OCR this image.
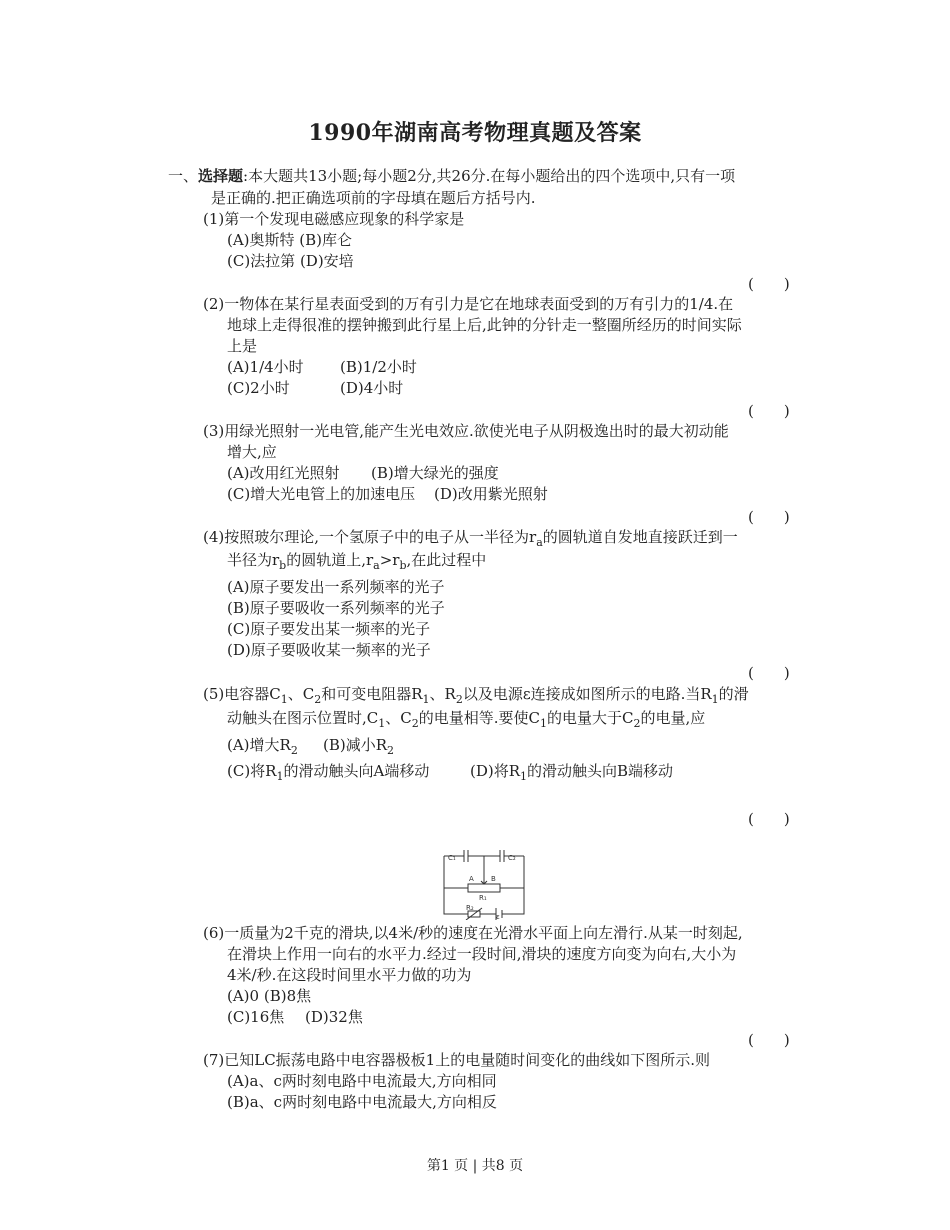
1990年湖南高考物理真题及答案
一、选择题:本大题共13小题;每小题2分,共26分.在每小题给出的四个选项中,只有一项
是正确的.把正确选项前的字母填在题后方括号内.
(1)第一个发现电磁感应现象的科学家是
(A)奥斯特 (B)库仑
(C)法拉第 (D)安培
(　　)
(2)一物体在某行星表面受到的万有引力是它在地球表面受到的万有引力的1/4.在
地球上走得很准的摆钟搬到此行星上后,此钟的分针走一整圈所经历的时间实际
上是
(A)1/4小时 (B)1/2小时
(C)2小时	(D)4小时
(　　)
(3)用绿光照射一光电管,能产生光电效应.欲使光电子从阴极逸出时的最大初动能
增大,应
(A)改用红光照射 (B)增大绿光的强度
(C)增大光电管上的加速电压 (D)改用紫光照射
(　　)
(4)按照玻尔理论,一个氢原子中的电子从一半径为$r_a$的圆轨道自发地直接跃迁到一
半径为$r_b$的圆轨道上$,r_a>r_b$,在此过程中
(A)原子要发出一系列频率的光子
(B)原子要吸收一系列频率的光子
(C)原子要发出某一频率的光子
(D)原子要吸收某一频率的光子
(　　)
(5)电容器$C_1$、$C_2$和可变电阻器$R_1$、$R_2$以及电源ε连接成如图所示的电路.当$R_1$的滑
动触头在图示位置时$,C_1$、$C_2$的电量相等.要使$C_1$的电量大于$C_2$的电量,应
(A)增大$R_2$ (B)减小$R_2$
(C)将$R_1$的滑动触头向A端移动	(D)将$R_1$的滑动触头向B端移动
(　　)
C₁	C₂
A B
R₁
R₂
ε
(6)一质量为2千克的滑块,以4米/秒的速度在光滑水平面上向左滑行.从某一时刻起,
在滑块上作用一向右的水平力.经过一段时间,滑块的速度方向变为向右,大小为
4米/秒.在这段时间里水平力做的功为
(A)0 (B)8焦
(C)16焦 (D)32焦
(　　)
(7)已知LC振荡电路中电容器极板1上的电量随时间变化的曲线如下图所示.则
(A)a、c两时刻电路中电流最大,方向相同
(B)a、c两时刻电路中电流最大,方向相反
第1 页 | 共8 页
